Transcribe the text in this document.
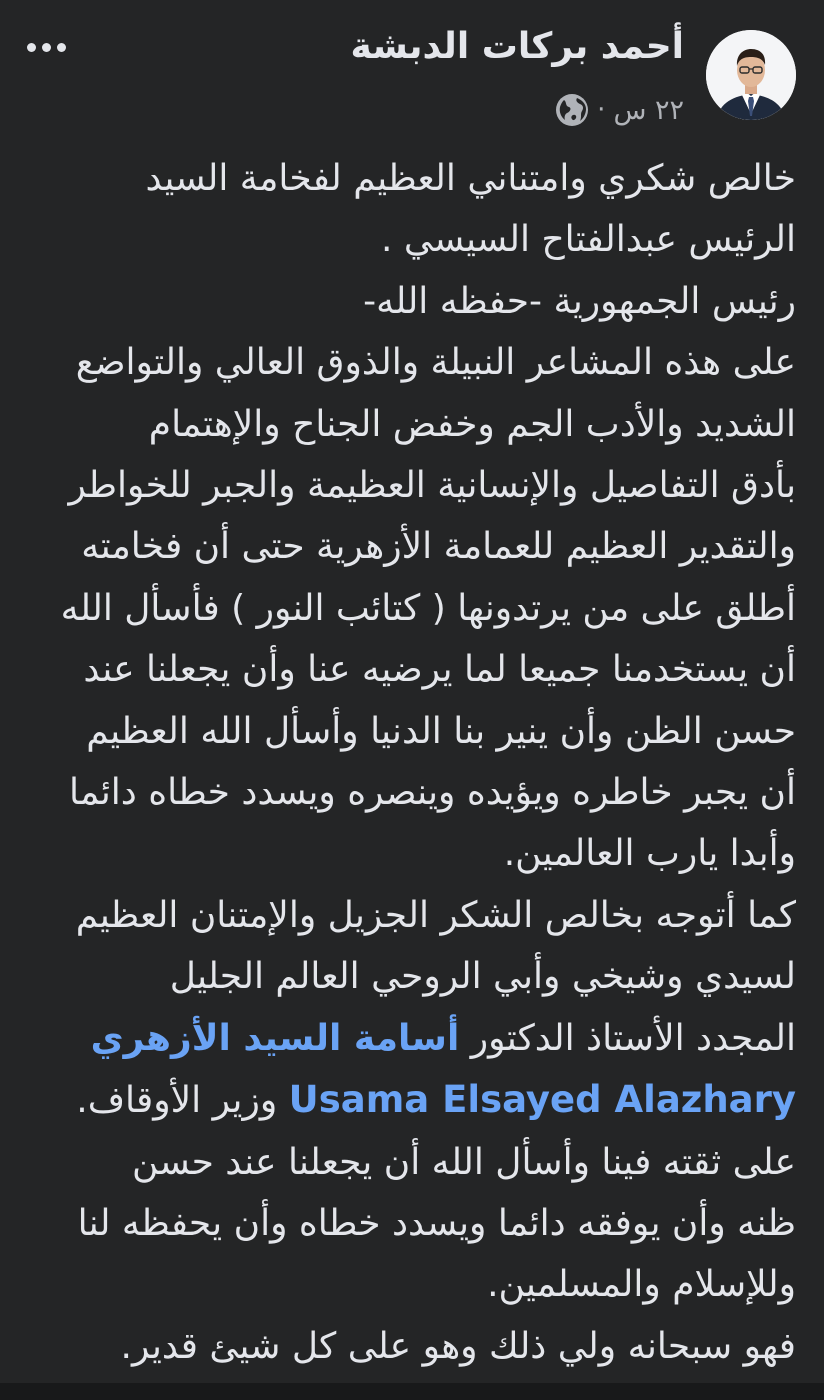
أحمد بركات الدبشة
٢٢ س
·
خالص شكري وامتناني العظيم لفخامة السيد
الرئيس عبدالفتاح السيسي .
رئيس الجمهورية -حفظه الله-
على هذه المشاعر النبيلة والذوق العالي والتواضع
الشديد والأدب الجم وخفض الجناح والإهتمام
بأدق التفاصيل والإنسانية العظيمة والجبر للخواطر
والتقدير العظيم للعمامة الأزهرية حتى أن فخامته
أطلق على من يرتدونها ( كتائب النور ) فأسأل الله
أن يستخدمنا جميعا لما يرضيه عنا وأن يجعلنا عند
حسن الظن وأن ينير بنا الدنيا وأسأل الله العظيم
أن يجبر خاطره ويؤيده وينصره ويسدد خطاه دائما
وأبدا يارب العالمين.
كما أتوجه بخالص الشكر الجزيل والإمتنان العظيم
لسيدي وشيخي وأبي الروحي العالم الجليل
المجدد الأستاذ الدكتور أسامة السيد الأزهري
Usama Elsayed Alazhary وزير الأوقاف.
على ثقته فينا وأسأل الله أن يجعلنا عند حسن
ظنه وأن يوفقه دائما ويسدد خطاه وأن يحفظه لنا
وللإسلام والمسلمين.
فهو سبحانه ولي ذلك وهو على كل شيئ قدير.
